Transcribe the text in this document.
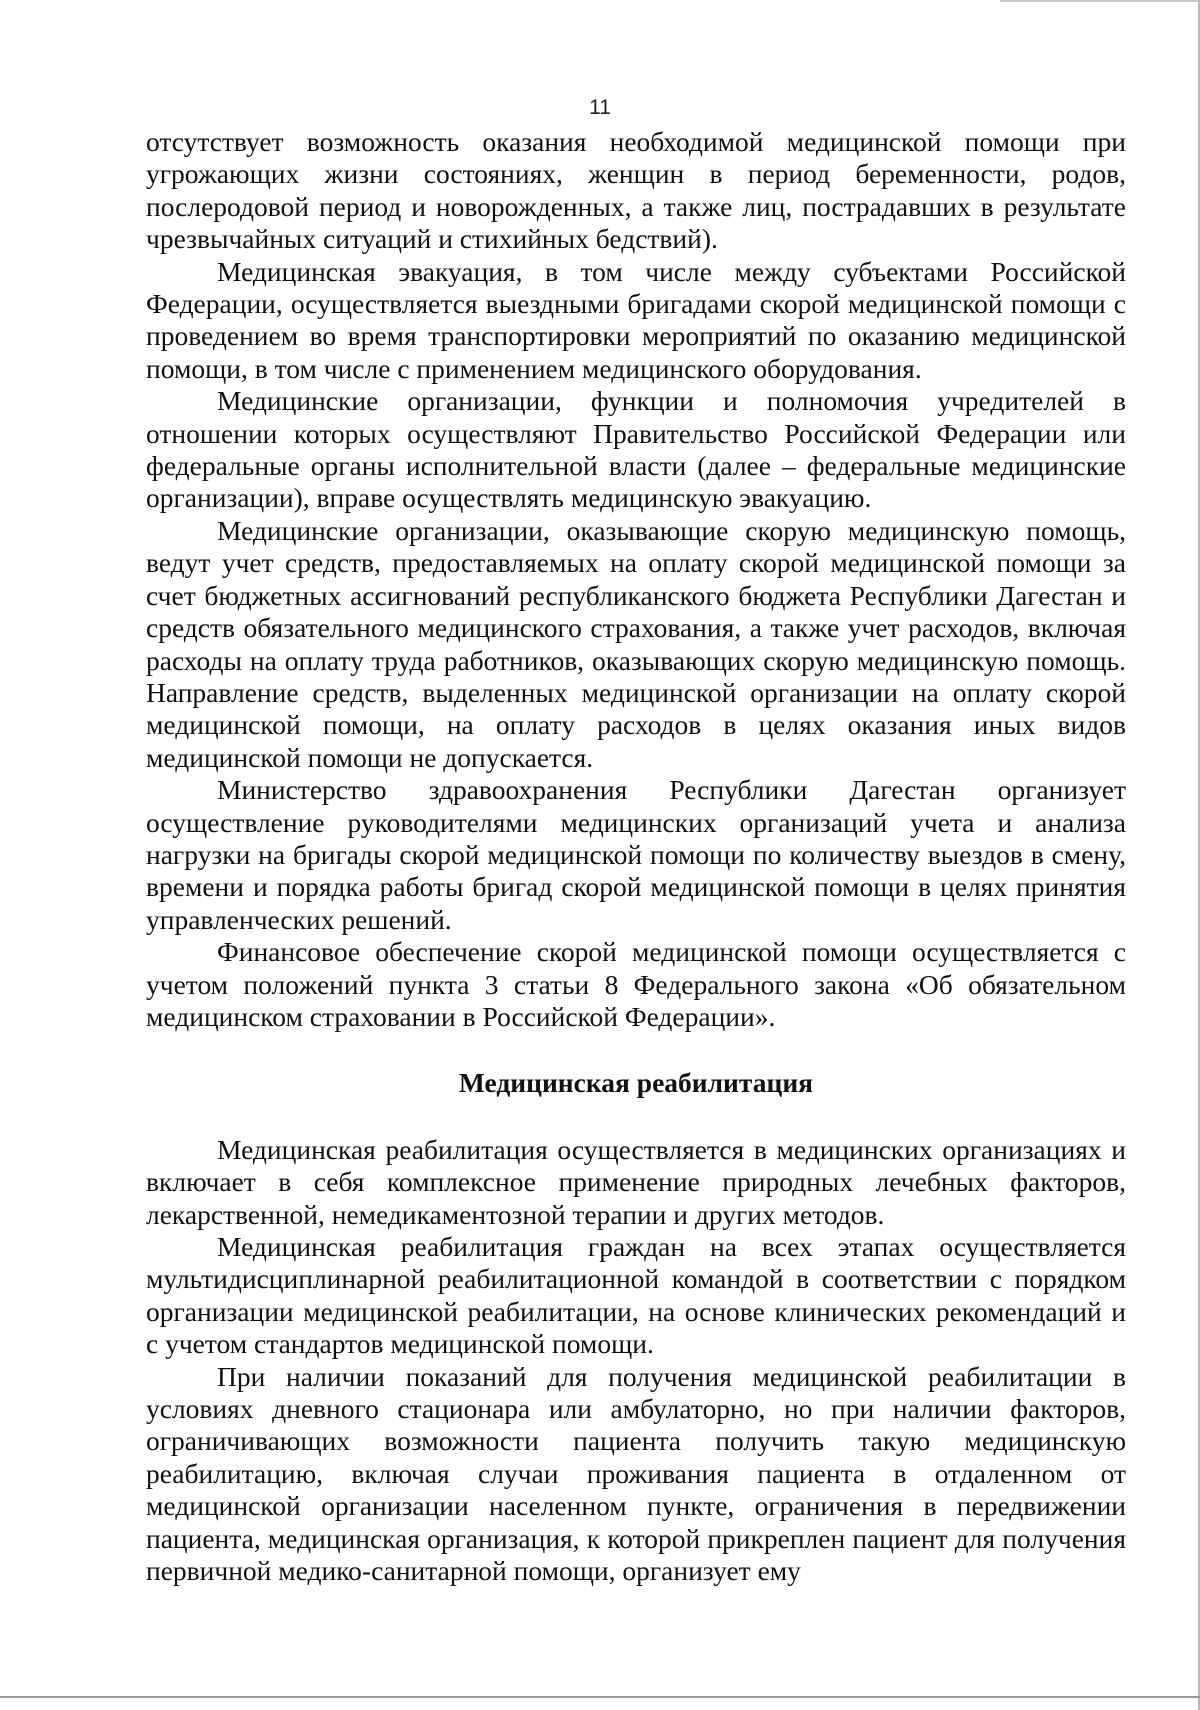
11

отсутствует возможность оказания необходимой медицинской помощи при угрожающих жизни состояниях, женщин в период беременности, родов, послеродовой период и новорожденных, а также лиц, пострадавших в результате чрезвычайных ситуаций и стихийных бедствий).

Медицинская эвакуация, в том числе между субъектами Российской Федерации, осуществляется выездными бригадами скорой медицинской помощи с проведением во время транспортировки мероприятий по оказанию медицинской помощи, в том числе с применением медицинского оборудования.

Медицинские организации, функции и полномочия учредителей в отношении которых осуществляют Правительство Российской Федерации или федеральные органы исполнительной власти (далее – федеральные медицинские организации), вправе осуществлять медицинскую эвакуацию.

Медицинские организации, оказывающие скорую медицинскую помощь, ведут учет средств, предоставляемых на оплату скорой медицинской помощи за счет бюджетных ассигнований республиканского бюджета Республики Дагестан и средств обязательного медицинского страхования, а также учет расходов, включая расходы на оплату труда работников, оказывающих скорую медицинскую помощь. Направление средств, выделенных медицинской организации на оплату скорой медицинской помощи, на оплату расходов в целях оказания иных видов медицинской помощи не допускается.

Министерство здравоохранения Республики Дагестан организует осуществление руководителями медицинских организаций учета и анализа нагрузки на бригады скорой медицинской помощи по количеству выездов в смену, времени и порядка работы бригад скорой медицинской помощи в целях принятия управленческих решений.

Финансовое обеспечение скорой медицинской помощи осуществляется с учетом положений пункта 3 статьи 8 Федерального закона «Об обязательном медицинском страховании в Российской Федерации».

Медицинская реабилитация

Медицинская реабилитация осуществляется в медицинских организациях и включает в себя комплексное применение природных лечебных факторов, лекарственной, немедикаментозной терапии и других методов.

Медицинская реабилитация граждан на всех этапах осуществляется мультидисциплинарной реабилитационной командой в соответствии с порядком организации медицинской реабилитации, на основе клинических рекомендаций и с учетом стандартов медицинской помощи.

При наличии показаний для получения медицинской реабилитации в условиях дневного стационара или амбулаторно, но при наличии факторов, ограничивающих возможности пациента получить такую медицинскую реабилитацию, включая случаи проживания пациента в отдаленном от медицинской организации населенном пункте, ограничения в передвижении пациента, медицинская организация, к которой прикреплен пациент для получения первичной медико-санитарной помощи, организует ему
